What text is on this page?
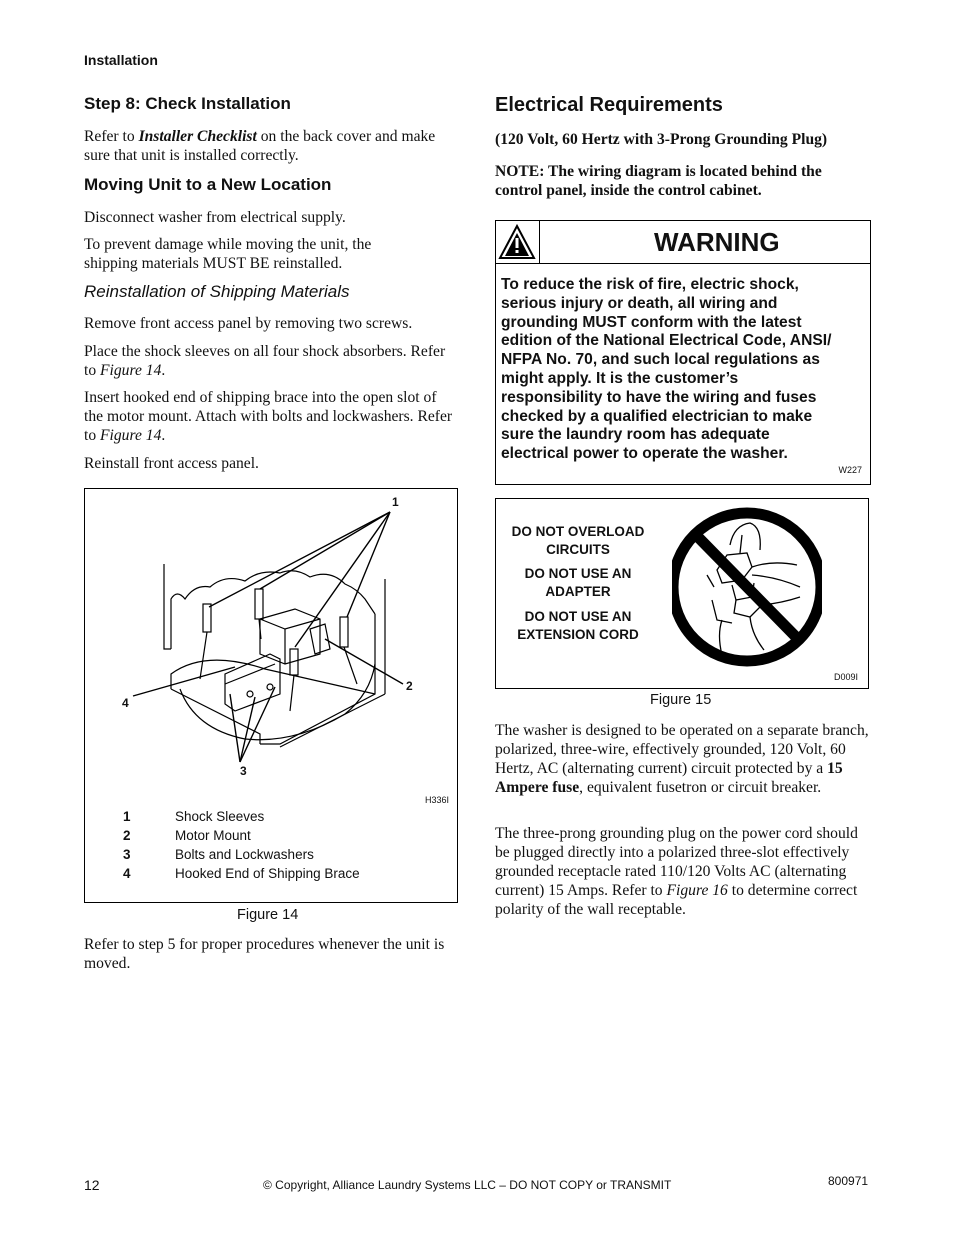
Installation
Step 8: Check Installation
Refer to Installer Checklist on the back cover and make sure that unit is installed correctly.
Moving Unit to a New Location
Disconnect washer from electrical supply.
To prevent damage while moving the unit, the shipping materials MUST BE reinstalled.
Reinstallation of Shipping Materials
Remove front access panel by removing two screws.
Place the shock sleeves on all four shock absorbers. Refer to Figure 14.
Insert hooked end of shipping brace into the open slot of the motor mount. Attach with bolts and lockwashers. Refer to Figure 14.
Reinstall front access panel.
1
2
3
4
H336I
1	Shock Sleeves
2	Motor Mount
3	Bolts and Lockwashers
4	Hooked End of Shipping Brace
Figure 14
Refer to step 5 for proper procedures whenever the unit is moved.
Electrical Requirements
(120 Volt, 60 Hertz with 3-Prong Grounding Plug)
NOTE: The wiring diagram is located behind the control panel, inside the control cabinet.
WARNING
To reduce the risk of fire, electric shock,
serious injury or death, all wiring and
grounding MUST conform with the latest
edition of the National Electrical Code, ANSI/
NFPA No. 70, and such local regulations as
might apply. It is the customer’s
responsibility to have the wiring and fuses
checked by a qualified electrician to make
sure the laundry room has adequate
electrical power to operate the washer.
W227
DO NOT OVERLOAD
CIRCUITS
DO NOT USE AN
ADAPTER
DO NOT USE AN
EXTENSION CORD
D009I
Figure 15
The washer is designed to be operated on a separate branch, polarized, three-wire, effectively grounded, 120 Volt, 60 Hertz, AC (alternating current) circuit protected by a 15 Ampere fuse, equivalent fusetron or circuit breaker.
The three-prong grounding plug on the power cord should be plugged directly into a polarized three-slot effectively grounded receptacle rated 110/120 Volts AC (alternating current) 15 Amps. Refer to Figure 16 to determine correct polarity of the wall receptable.
12	© Copyright, Alliance Laundry Systems LLC – DO NOT COPY or TRANSMIT	800971
